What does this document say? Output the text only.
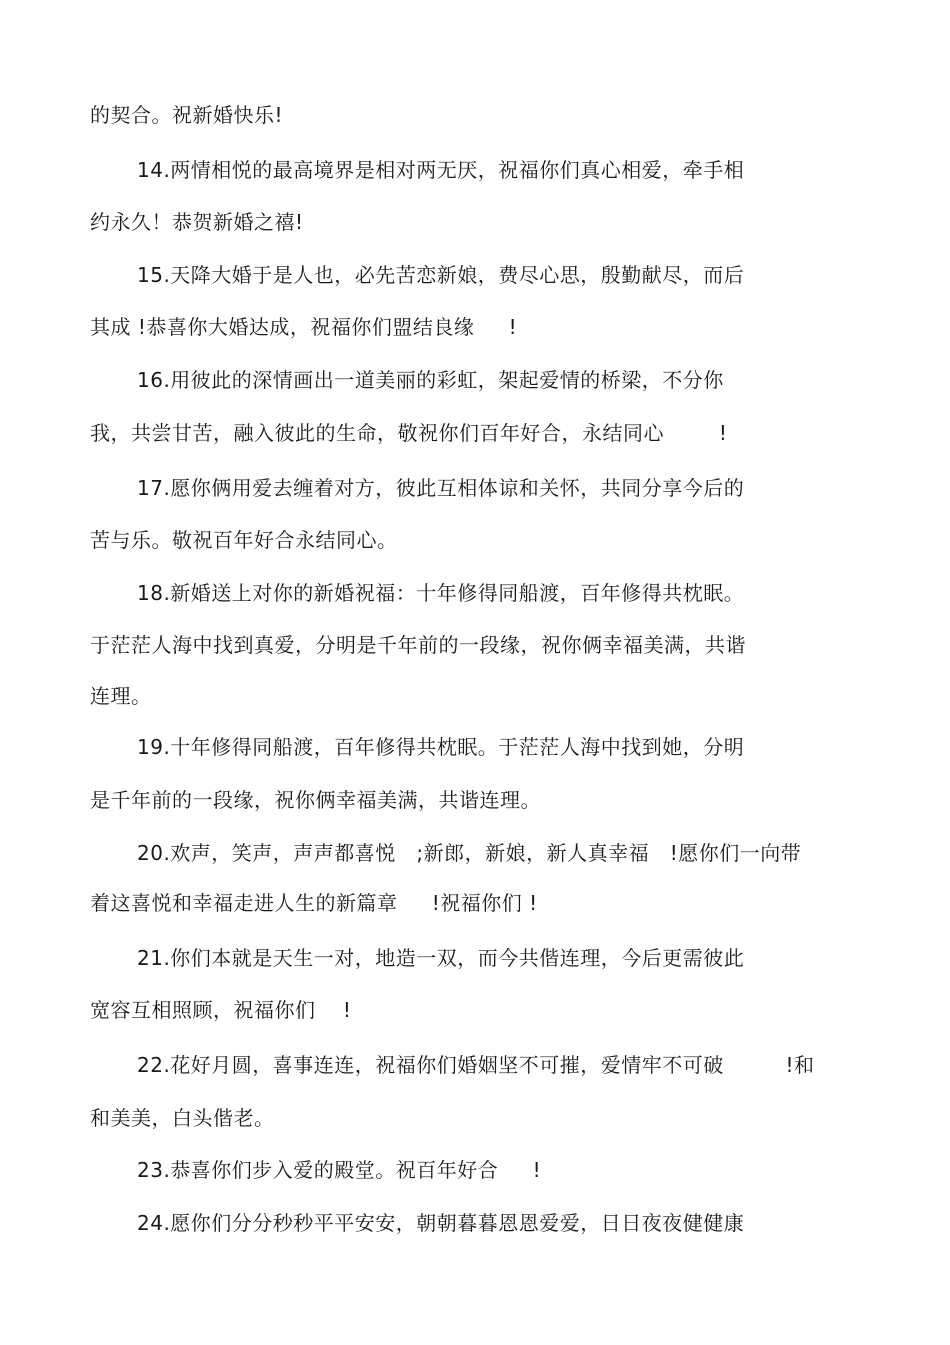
的契合。祝新婚快乐!
14.两情相悦的最高境界是相对两无厌，祝福你们真心相爱，牵手相
约永久！恭贺新婚之禧!
15.天降大婚于是人也，必先苦恋新娘，费尽心思，殷勤献尽，而后
其成 !恭喜你大婚达成，祝福你们盟结良缘     !
16.用彼此的深情画出一道美丽的彩虹，架起爱情的桥梁，不分你
我，共尝甘苦，融入彼此的生命，敬祝你们百年好合，永结同心        !
17.愿你俩用爱去缠着对方，彼此互相体谅和关怀，共同分享今后的
苦与乐。敬祝百年好合永结同心。
18.新婚送上对你的新婚祝福：十年修得同船渡，百年修得共枕眠。
于茫茫人海中找到真爱，分明是千年前的一段缘，祝你俩幸福美满，共谐
连理。
19.十年修得同船渡，百年修得共枕眠。于茫茫人海中找到她，分明
是千年前的一段缘，祝你俩幸福美满，共谐连理。
20.欢声，笑声，声声都喜悦   ;新郎，新娘，新人真幸福   !愿你们一向带
着这喜悦和幸福走进人生的新篇章     !祝福你们 !
21.你们本就是天生一对，地造一双，而今共偕连理，今后更需彼此
宽容互相照顾，祝福你们    !
22.花好月圆，喜事连连，祝福你们婚姻坚不可摧，爱情牢不可破         !和
和美美，白头偕老。
23.恭喜你们步入爱的殿堂。祝百年好合     !
24.愿你们分分秒秒平平安安，朝朝暮暮恩恩爱爱，日日夜夜健健康
